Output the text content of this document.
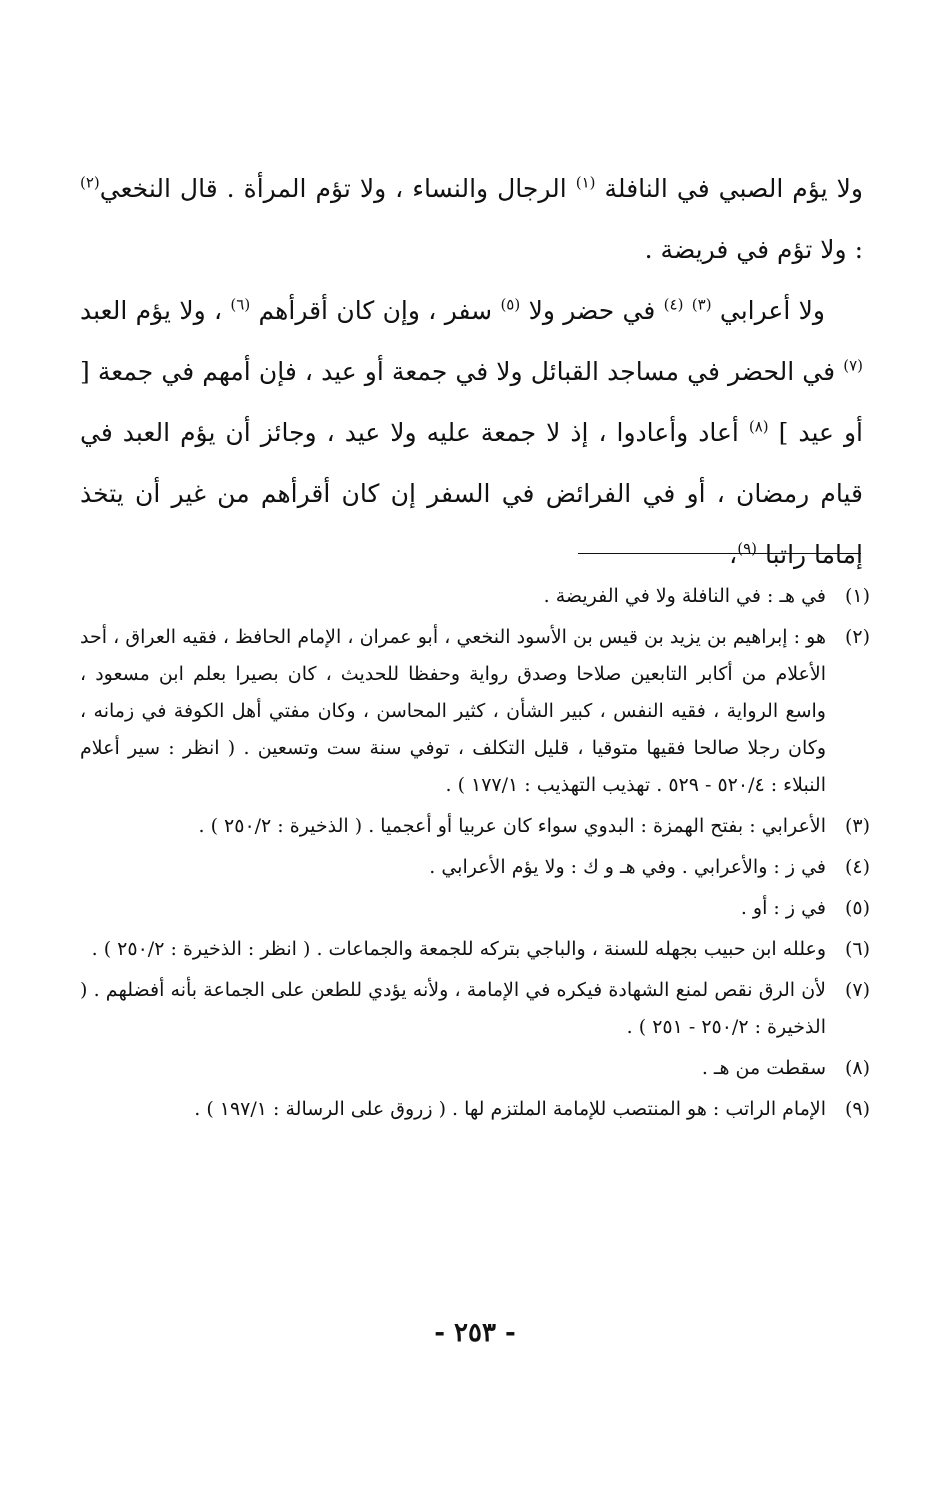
ولا يؤم الصبي في النافلة $^{(١)}$ الرجال والنساء ، ولا تؤم المرأة . قال النخعي$^{(٢)}$ : ولا تؤم في فريضة .

ولا أعرابي $^{(٣)}$ $^{(٤)}$ في حضر ولا $^{(٥)}$ سفر ، وإن كان أقرأهم $^{(٦)}$ ، ولا يؤم العبد $^{(٧)}$ في الحضر في مساجد القبائل ولا في جمعة أو عيد ، فإن أمهم في جمعة [ أو عيد ] $^{(٨)}$ أعاد وأعادوا ، إذ لا جمعة عليه ولا عيد ، وجائز أن يؤم العبد في قيام رمضان ، أو في الفرائض في السفر إن كان أقرأهم من غير أن يتخذ إماما راتبا $^{(٩)}$،

(١)
في هـ : في النافلة ولا في الفريضة .
(٢)
هو : إبراهيم بن يزيد بن قيس بن الأسود النخعي ، أبو عمران ، الإمام الحافظ ، فقيه العراق ، أحد الأعلام من أكابر التابعين صلاحا وصدق رواية وحفظا للحديث ، كان بصيرا بعلم ابن مسعود ، واسع الرواية ، فقيه النفس ، كبير الشأن ، كثير المحاسن ، وكان مفتي أهل الكوفة في زمانه ، وكان رجلا صالحا فقيها متوقيا ، قليل التكلف ، توفي سنة ست وتسعين . ( انظر : سير أعلام النبلاء : ٥٢٠/٤ - ٥٢٩ . تهذيب التهذيب : ١٧٧/١ ) .
(٣)
الأعرابي : بفتح الهمزة : البدوي سواء كان عربيا أو أعجميا . ( الذخيرة : ٢٥٠/٢ ) .
(٤)
في ز : والأعرابي . وفي هـ و ك : ولا يؤم الأعرابي .
(٥)
في ز : أو .
(٦)
وعلله ابن حبيب بجهله للسنة ، والباجي بتركه للجمعة والجماعات . ( انظر : الذخيرة : ٢٥٠/٢ ) .
(٧)
لأن الرق نقص لمنع الشهادة فيكره في الإمامة ، ولأنه يؤدي للطعن على الجماعة بأنه أفضلهم . ( الذخيرة : ٢٥٠/٢ - ٢٥١ ) .
(٨)
سقطت من هـ .
(٩)
الإمام الراتب : هو المنتصب للإمامة الملتزم لها . ( زروق على الرسالة : ١٩٧/١ ) .
- ٢٥٣ -
